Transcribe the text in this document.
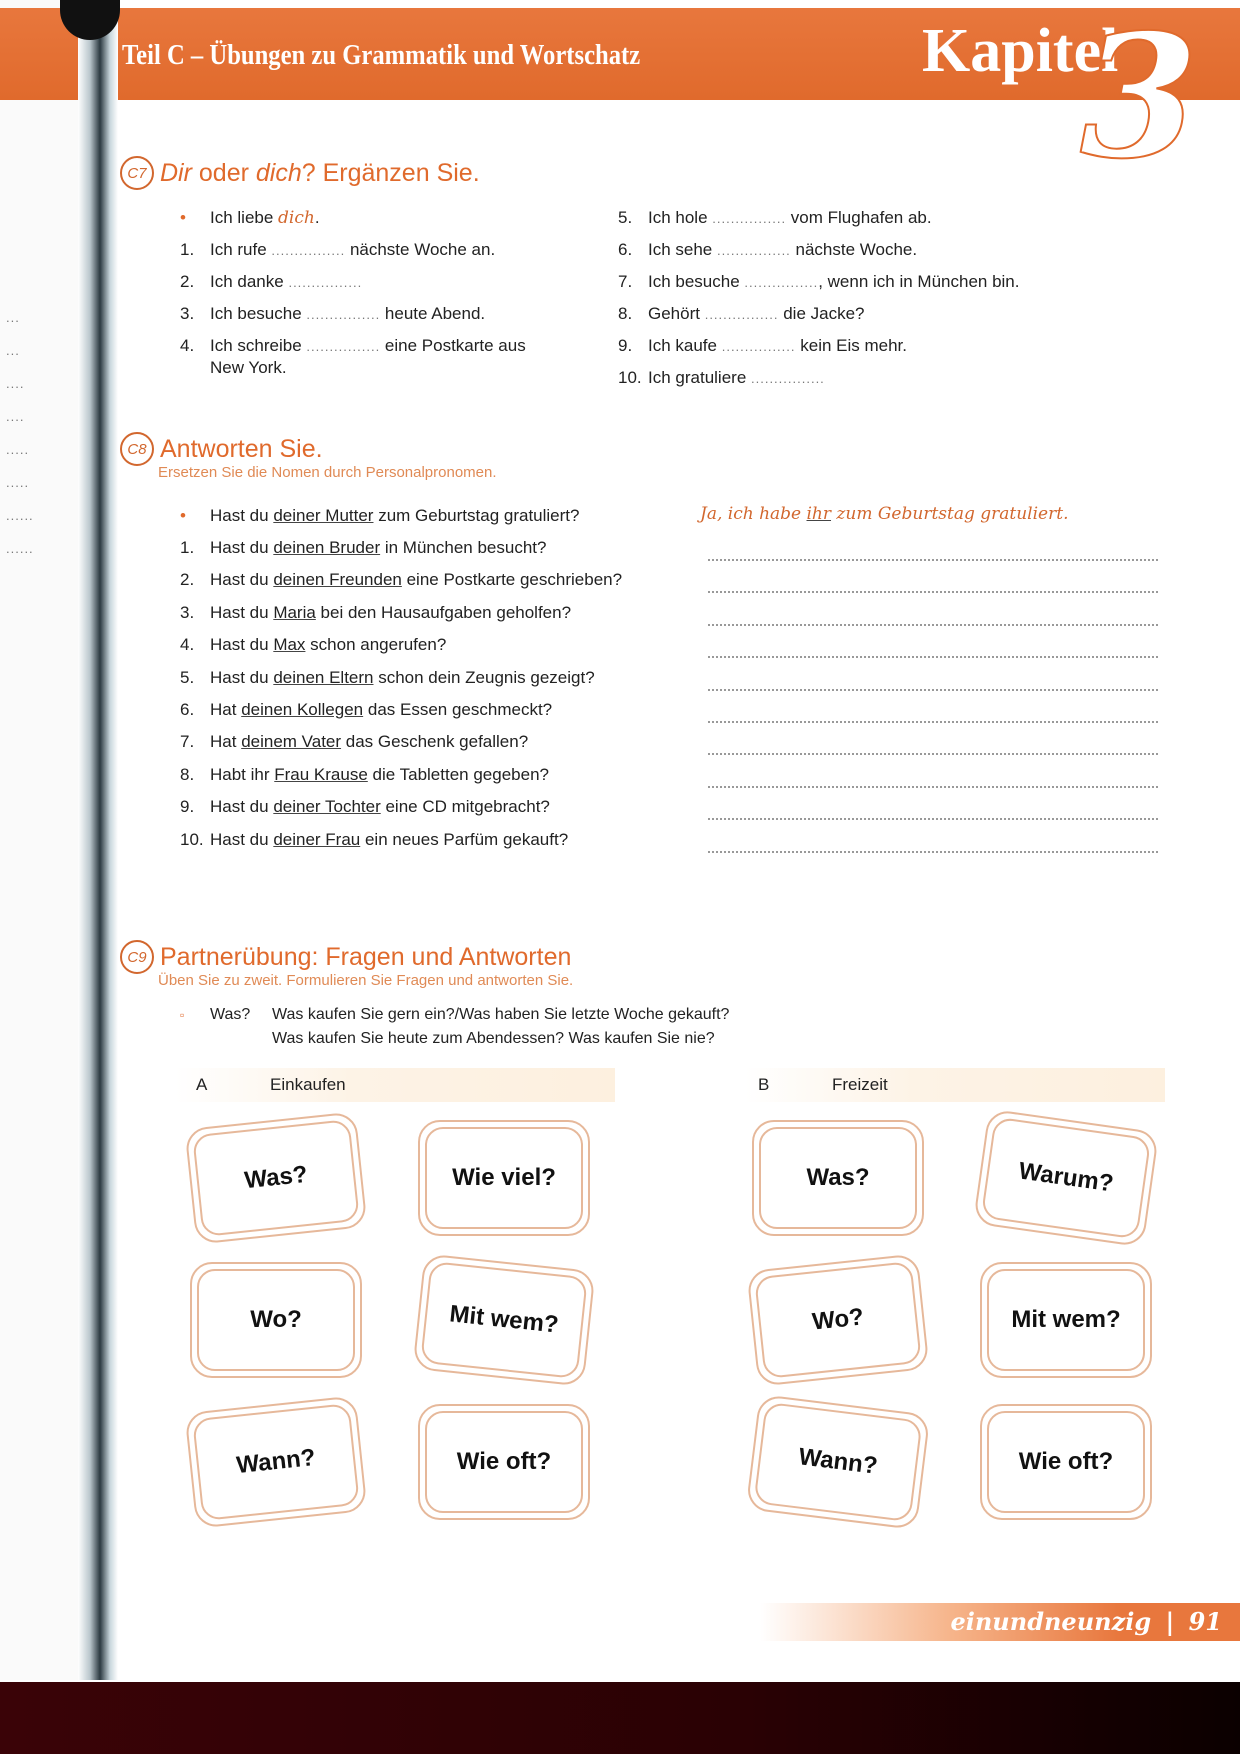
...
...
....
....
.....
.....
......
......
Teil C – Übungen zu Grammatik und Wortschatz	Kapitel
3
C7 Dir oder dich? Ergänzen Sie.
• Ich liebe dich.
1. Ich rufe ................ nächste Woche an.
2. Ich danke ................
3. Ich besuche ................ heute Abend.
4. Ich schreibe ................ eine Postkarte aus
New York.
5. Ich hole ................ vom Flughafen ab.
6. Ich sehe ................ nächste Woche.
7. Ich besuche ................, wenn ich in München bin.
8. Gehört ................ die Jacke?
9. Ich kaufe ................ kein Eis mehr.
10. Ich gratuliere ................
C8 Antworten Sie.
Ersetzen Sie die Nomen durch Personalpronomen.
• Hast du deiner Mutter zum Geburtstag gratuliert?	Ja, ich habe ihr zum Geburtstag gratuliert.
1. Hast du deinen Bruder in München besucht?
2. Hast du deinen Freunden eine Postkarte geschrieben?
3. Hast du Maria bei den Hausaufgaben geholfen?
4. Hast du Max schon angerufen?
5. Hast du deinen Eltern schon dein Zeugnis gezeigt?
6. Hat deinen Kollegen das Essen geschmeckt?
7. Hat deinem Vater das Geschenk gefallen?
8. Habt ihr Frau Krause die Tabletten gegeben?
9. Hast du deiner Tochter eine CD mitgebracht?
10. Hast du deiner Frau ein neues Parfüm gekauft?
C9 Partnerübung: Fragen und Antworten
Üben Sie zu zweit. Formulieren Sie Fragen und antworten Sie.
▫ Was? Was kaufen Sie gern ein?/Was haben Sie letzte Woche gekauft?
Was kaufen Sie heute zum Abendessen? Was kaufen Sie nie?
A	Einkaufen	B	Freizeit
Was?	Wie viel?
Wo?	Mit wem?
Wann?	Wie oft?
Was?	Warum?
Wo?	Mit wem?
Wann?	Wie oft?
einundneunzig | 91
